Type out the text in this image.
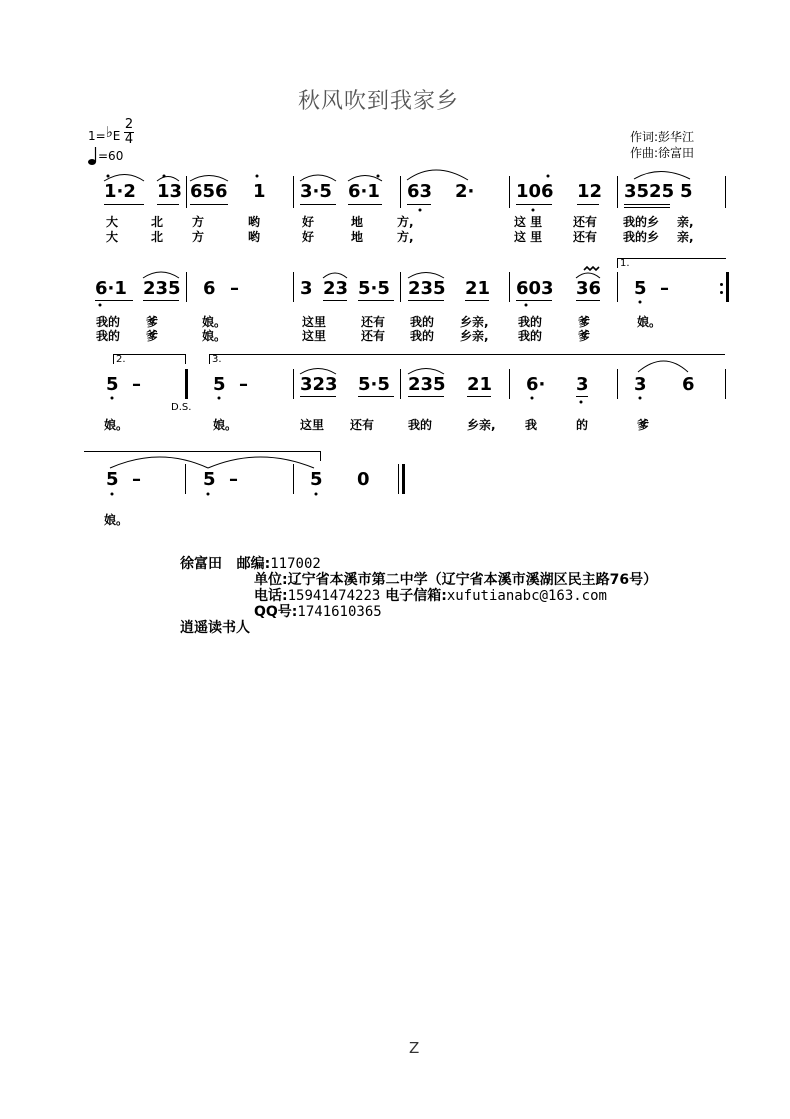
秋风吹到我家乡
1=♭E
2
4
=60
作词:彭华江
作曲:徐富田
1·2 13 656 1 3·5 6·1 63 2· 106 12 3525 5
大	北 方	哟	好	地	方,	这 里	还有 我的乡 亲,
大	北 方	哟	好	地	方,	这 里	还有 我的乡 亲,
1.
6·1 235 6 –	3 23 5·5 235 21 603 36 5 –
我的 爹	娘。	这里	还有 我的 乡亲, 我的	爹	娘。
我的 爹	娘。	这里	还有 我的 乡亲, 我的	爹
2.	3.
5 –
D.S.
5 –	323 5·5 235 21 6· 3	3 6
娘。	娘。	这里 还有	我的	乡亲, 我	的	爹
5 –	5 –	5 0
娘。
徐富田 邮编:117002
单位:辽宁省本溪市第二中学（辽宁省本溪市溪湖区民主路76号）
电话:15941474223 电子信箱:xufutianabc@163.com
QQ号:1741610365
逍遥读书人
Z
